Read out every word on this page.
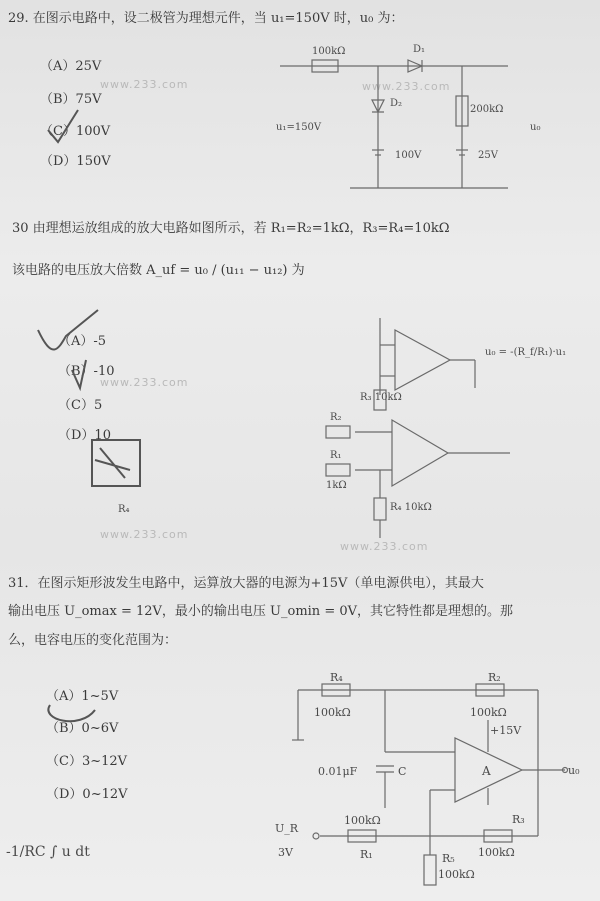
29. 在图示电路中，设二极管为理想元件，当 u₁=150V 时，u₀ 为：
（A）25V
（B）75V
（C）100V
（D）150V
30 由理想运放组成的放大电路如图所示，若 R₁=R₂=1kΩ，R₃=R₄=10kΩ
该电路的电压放大倍数 A_uf = u₀ / (u₁₁ − u₁₂) 为
（A）-5
（B）-10
（C）5
（D）10
31．在图示矩形波发生电路中，运算放大器的电源为+15V（单电源供电），其最大
输出电压 U_omax = 12V，最小的输出电压 U_omin = 0V，其它特性都是理想的。那
么，电容电压的变化范围为：
（A）1~5V
（B）0~6V
（C）3~12V
（D）0~12V
www.233.com	www.233.com
www.233.com
www.233.com
www.233.com
100kΩ	D₁
D₂
200kΩ
100V	25V
u₁=150V	u₀
R₂
R₁
1kΩ
R₄ 10kΩ
R₃ 10kΩ
u₀ = -(R_f/R₁)·u₁
R₄
R₄
100kΩ
R₂
100kΩ
+15V
0.01μF	C	A
R₃
100kΩ
100kΩ
R₁
U_R
3V	R₅
100kΩ
u₀
-1/RC ∫ u dt
